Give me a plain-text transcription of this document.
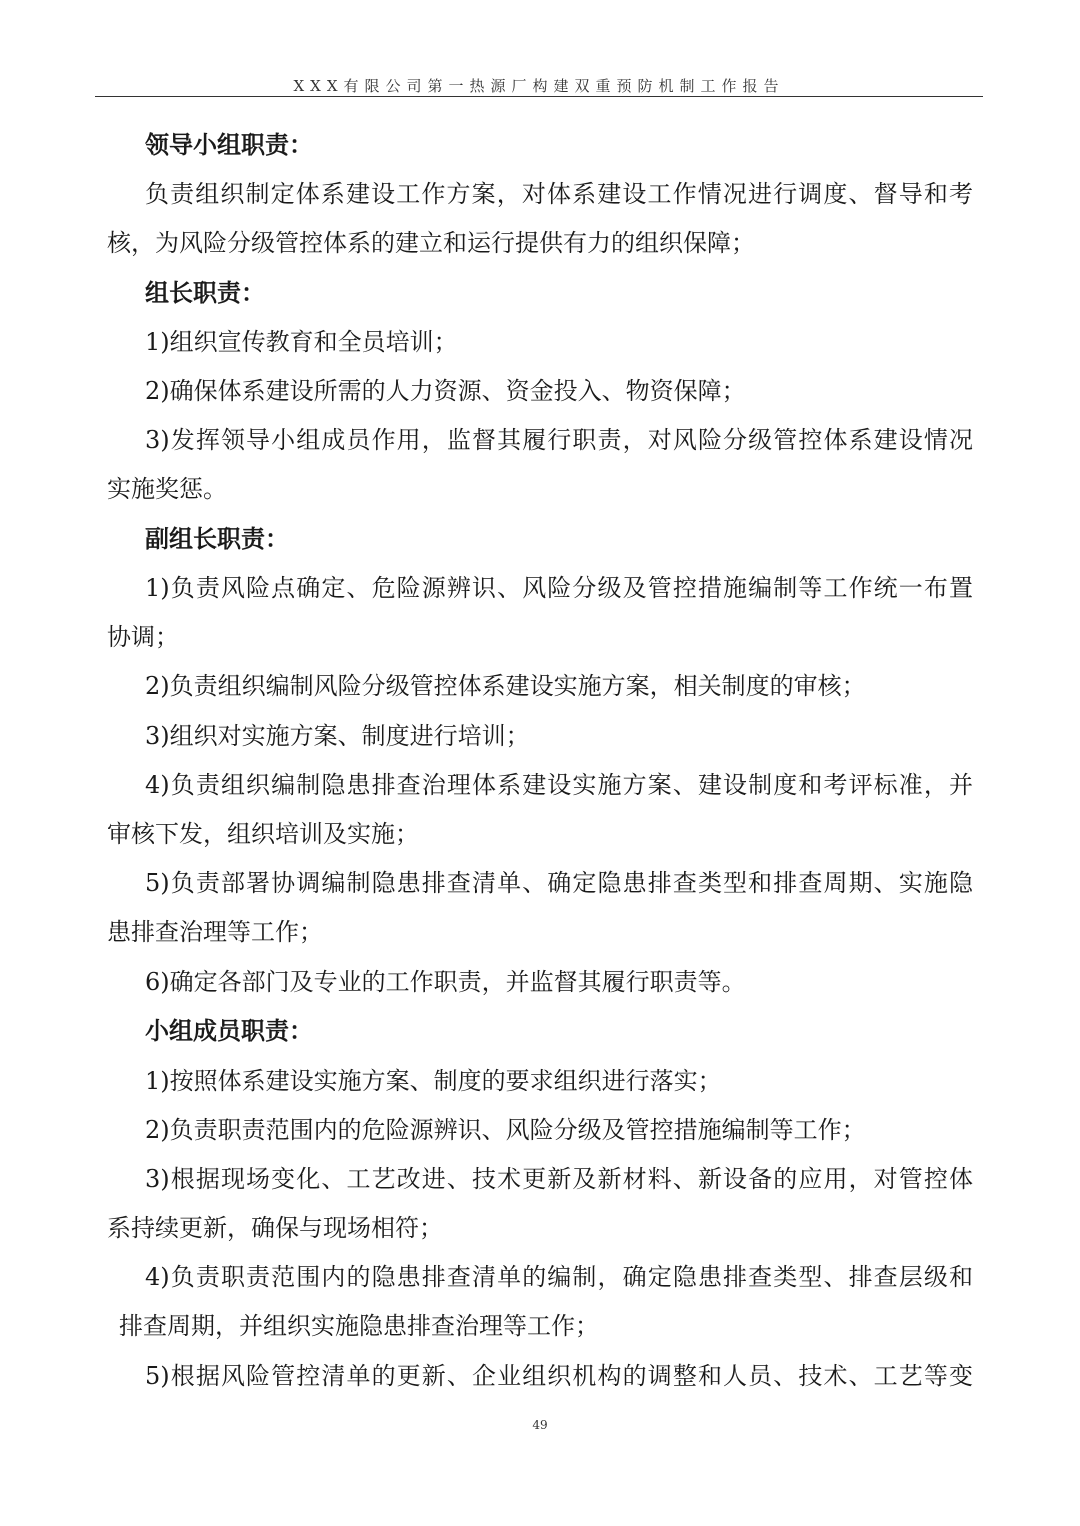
XXX有限公司第一热源厂构建双重预防机制工作报告
领导小组职责：
负责组织制定体系建设工作方案，对体系建设工作情况进行调度、督导和考
核，为风险分级管控体系的建立和运行提供有力的组织保障；
组长职责：
1)组织宣传教育和全员培训；
2)确保体系建设所需的人力资源、资金投入、物资保障；
3)发挥领导小组成员作用，监督其履行职责，对风险分级管控体系建设情况
实施奖惩。
副组长职责：
1)负责风险点确定、危险源辨识、风险分级及管控措施编制等工作统一布置
协调；
2)负责组织编制风险分级管控体系建设实施方案，相关制度的审核；
3)组织对实施方案、制度进行培训；
4)负责组织编制隐患排查治理体系建设实施方案、建设制度和考评标准，并
审核下发，组织培训及实施；
5)负责部署协调编制隐患排查清单、确定隐患排查类型和排查周期、实施隐
患排查治理等工作；
6)确定各部门及专业的工作职责，并监督其履行职责等。
小组成员职责：
1)按照体系建设实施方案、制度的要求组织进行落实；
2)负责职责范围内的危险源辨识、风险分级及管控措施编制等工作；
3)根据现场变化、工艺改进、技术更新及新材料、新设备的应用，对管控体
系持续更新，确保与现场相符；
4)负责职责范围内的隐患排查清单的编制，确定隐患排查类型、排查层级和
排查周期，并组织实施隐患排查治理等工作；
5)根据风险管控清单的更新、企业组织机构的调整和人员、技术、工艺等变
49
